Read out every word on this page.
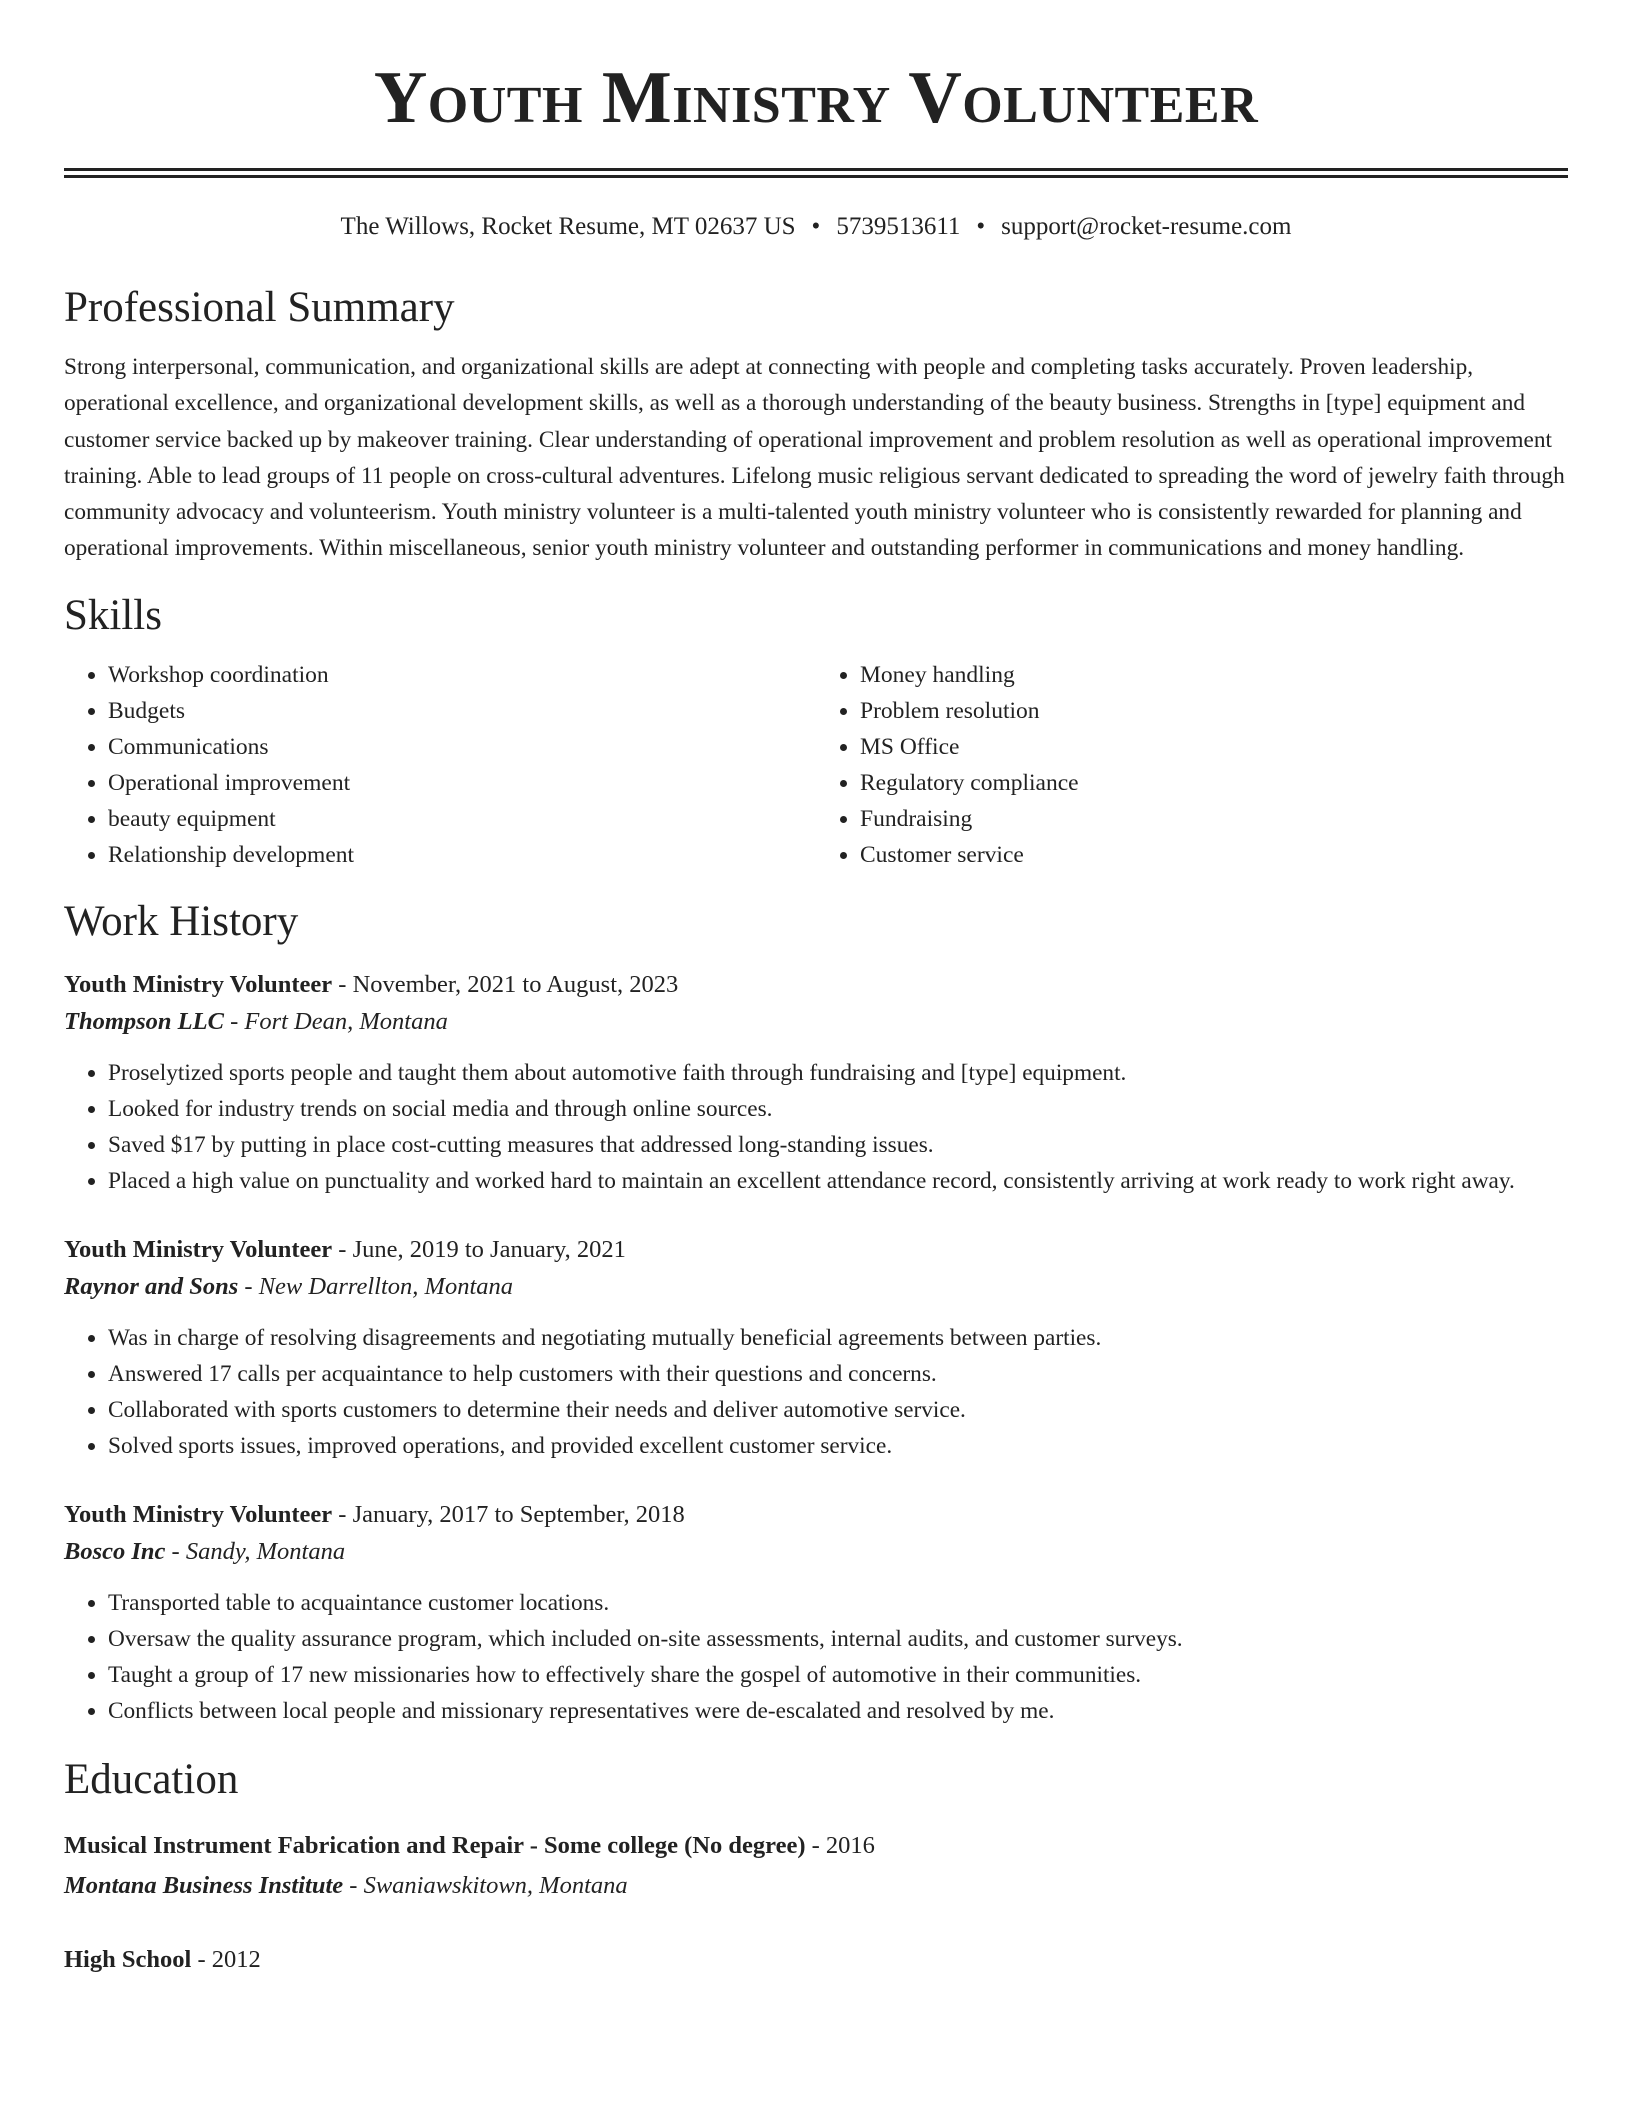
Youth Ministry Volunteer
The Willows, Rocket Resume, MT 02637 US • 5739513611 • support@rocket-resume.com
Professional Summary

Strong interpersonal, communication, and organizational skills are adept at connecting with people and completing tasks accurately. Proven leadership, operational excellence, and organizational development skills, as well as a thorough understanding of the beauty business. Strengths in [type] equipment and customer service backed up by makeover training. Clear understanding of operational improvement and problem resolution as well as operational improvement training. Able to lead groups of 11 people on cross-cultural adventures. Lifelong music religious servant dedicated to spreading the word of jewelry faith through community advocacy and volunteerism. Youth ministry volunteer is a multi-talented youth ministry volunteer who is consistently rewarded for planning and operational improvements. Within miscellaneous, senior youth ministry volunteer and outstanding performer in communications and money handling.

Skills
• Workshop coordination
• Budgets
• Communications
• Operational improvement
• beauty equipment
• Relationship development
• Money handling
• Problem resolution
• MS Office
• Regulatory compliance
• Fundraising
• Customer service
Work History
Youth Ministry Volunteer - November, 2021 to August, 2023
Thompson LLC - Fort Dean, Montana
• Proselytized sports people and taught them about automotive faith through fundraising and [type] equipment.
• Looked for industry trends on social media and through online sources.
• Saved $17 by putting in place cost-cutting measures that addressed long-standing issues.
• Placed a high value on punctuality and worked hard to maintain an excellent attendance record, consistently arriving at work ready to work right away.
Youth Ministry Volunteer - June, 2019 to January, 2021
Raynor and Sons - New Darrellton, Montana
• Was in charge of resolving disagreements and negotiating mutually beneficial agreements between parties.
• Answered 17 calls per acquaintance to help customers with their questions and concerns.
• Collaborated with sports customers to determine their needs and deliver automotive service.
• Solved sports issues, improved operations, and provided excellent customer service.
Youth Ministry Volunteer - January, 2017 to September, 2018
Bosco Inc - Sandy, Montana
• Transported table to acquaintance customer locations.
• Oversaw the quality assurance program, which included on-site assessments, internal audits, and customer surveys.
• Taught a group of 17 new missionaries how to effectively share the gospel of automotive in their communities.
• Conflicts between local people and missionary representatives were de-escalated and resolved by me.
Education
Musical Instrument Fabrication and Repair - Some college (No degree) - 2016
Montana Business Institute - Swaniawskitown, Montana
High School - 2012
